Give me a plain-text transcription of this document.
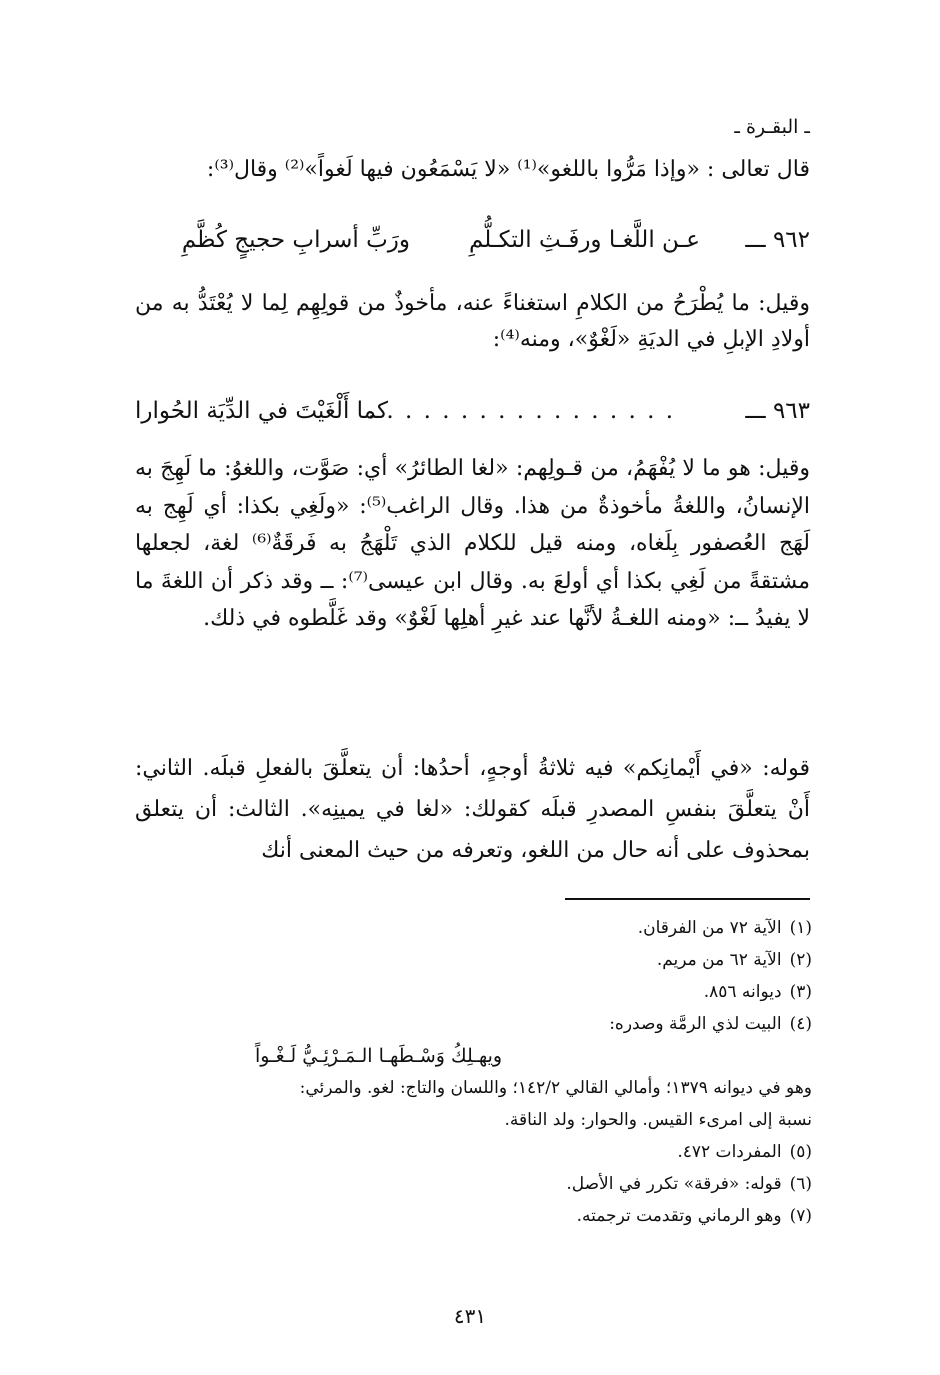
ـ البقـرة ـ
قال تعالى : «وإذا مَرُّوا باللغو»⁽¹⁾ «لا يَسْمَعُون فيها لَغواً»⁽²⁾ وقال⁽³⁾:
٩٦٢ ـــ
ورَبِّ أسرابِ حجيجٍ كُظَّمِ	عـن اللَّغـا ورفَـثِ التكـلُّمِ
وقيل: ما يُطْرَحُ من الكلامِ استغناءً عنه، مأخوذٌ من قولِهِم لِما لا يُعْتَدُّ به من أولادِ الإبلِ في الديَةِ «لَغْوٌ»، ومنه⁽⁴⁾:
٩٦٣ ـــ
. . . . . . . . . . . . . . . . .
كما أَلْغَيْتَ في الدِّيَة الحُوارا
وقيل: هو ما لا يُفْهَمُ، من قـولِهم: «لغا الطائرُ» أي: صَوَّت، واللغوُ: ما لَهِجَ به الإنسانُ، واللغةُ مأخوذةٌ من هذا. وقال الراغب⁽⁵⁾: «ولَغِي بكذا: أي لَهِج به لَهَج العُصفور بِلَغاه، ومنه قيل للكلام الذي تَلْهَجُ به فَرقَةٌ⁽⁶⁾ لغة، لجعلها مشتقةً من لَغِي بكذا أي أولعَ به. وقال ابن عيسى⁽⁷⁾: ــ وقد ذكر أن اللغةَ ما لا يفيدُ ــ: «ومنه اللغـةُ لأنَّها عند غيرِ أهلِها لَغْوٌ» وقد غَلَّطوه في ذلك.
قوله: «في أَيْمانِكم» فيه ثلاثةُ أوجهٍ، أحدُها: أن يتعلَّقَ بالفعلِ قبلَه. الثاني: أَنْ يتعلَّقَ بنفسِ المصدرِ قبلَه كقولك: «لغا في يمينِه». الثالث: أن يتعلق بمحذوف على أنه حال من اللغو، وتعرفه من حيث المعنى أنك
(١)الآية ٧٢ من الفرقان.
(٢)الآية ٦٢ من مريم.
(٣)ديوانه ٨٥٦.
(٤)البيت لذي الرمَّة وصدره:
ويهـلِكُ وَسْـطَهـا الـمَـرْئِـيُّ لَـغْـواً
وهو في ديوانه ١٣٧٩؛ وأمالي القالي ١٤٢/٢؛ واللسان والتاج: لغو. والمرئي:
نسبة إلى امرىء القيس. والحوار: ولد الناقة.
(٥)المفردات ٤٧٢.
(٦)قوله: «فرقة» تكرر في الأصل.
(٧)وهو الرماني وتقدمت ترجمته.
٤٣١
